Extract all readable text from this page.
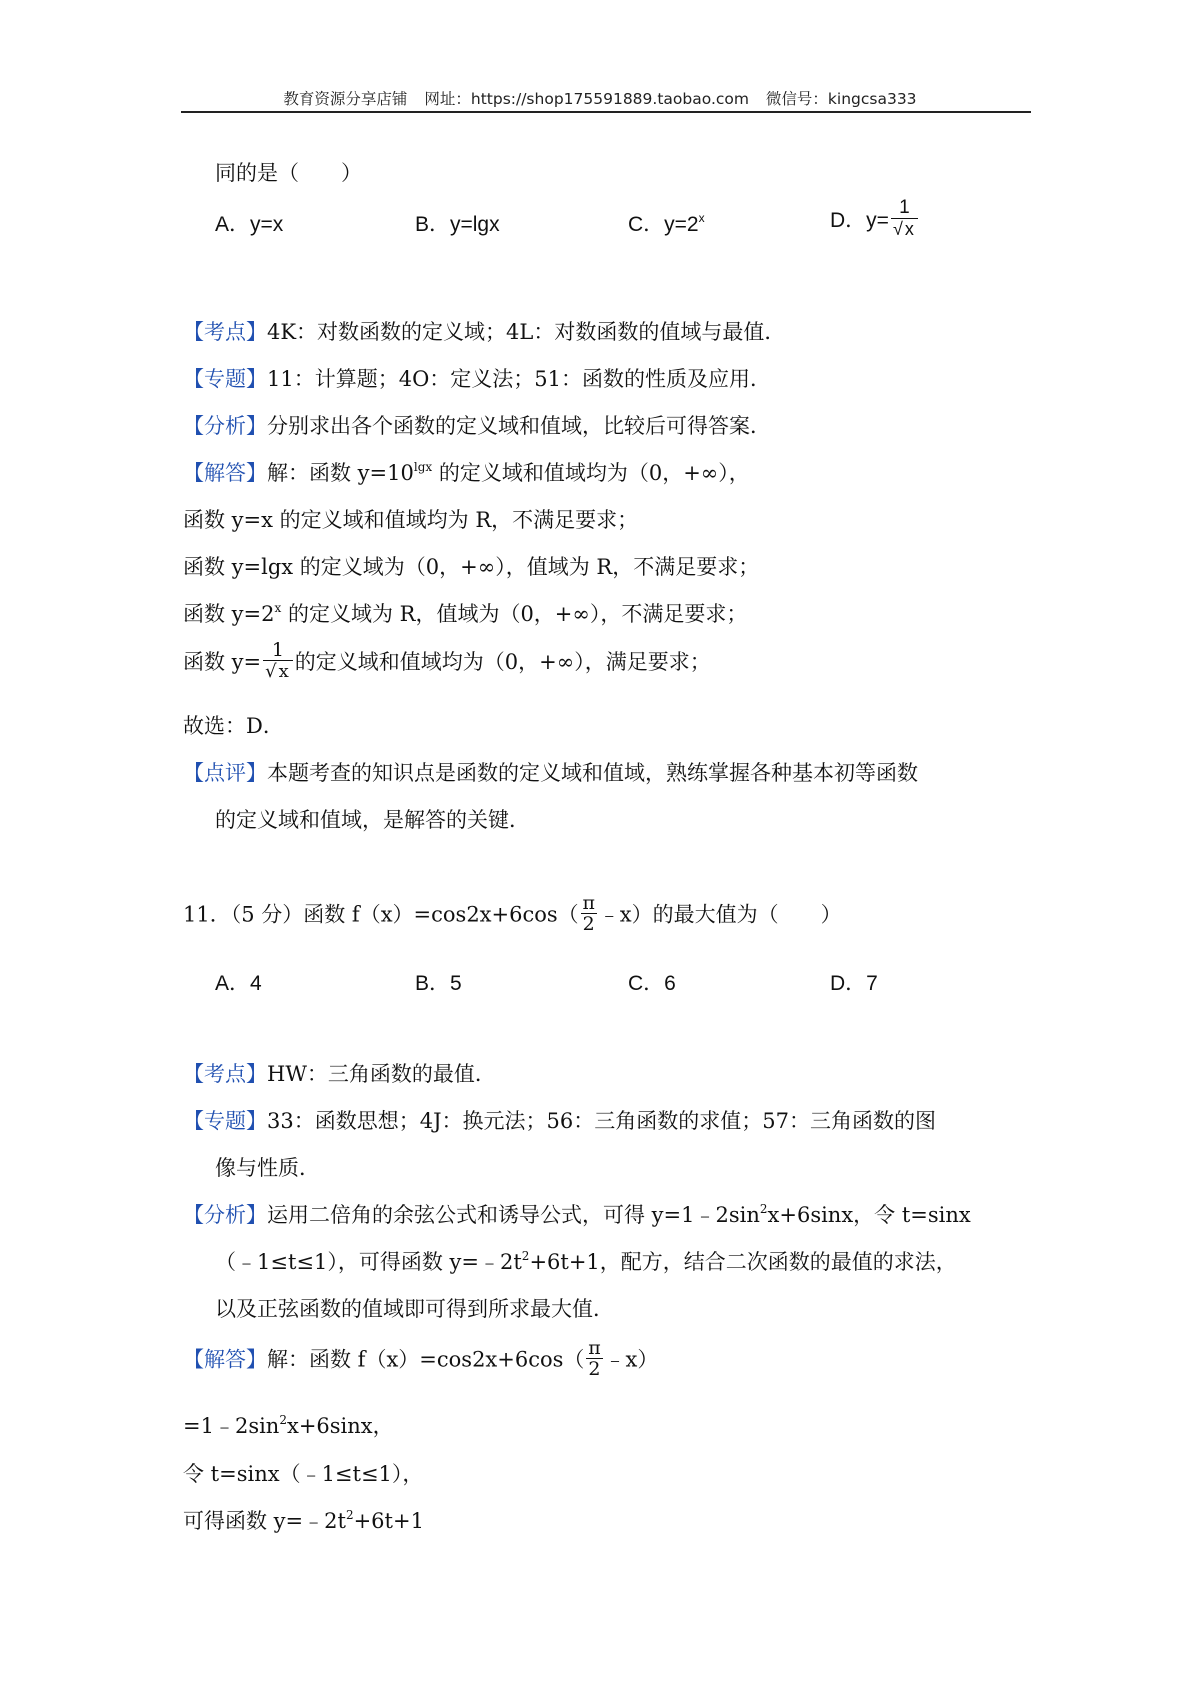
教育资源分享店铺 网址：https://shop175591889.taobao.com 微信号：kingcsa333
同的是（　　）
A．y=x	B．y=lgx	C．$y=2^x$	D．$y= \frac{1}{√ x}$
【考点】4K：对数函数的定义域；4L：对数函数的值域与最值．
【专题】11：计算题；4O：定义法；51：函数的性质及应用．
【分析】分别求出各个函数的定义域和值域，比较后可得答案．
【解答】解：函数 $y=10^{lgx}$ 的定义域和值域均为（0，+∞），
函数 y=x 的定义域和值域均为 R，不满足要求；
函数 y=lgx 的定义域为（0，+∞），值域为 R，不满足要求；
函数 $y=2^x$ 的定义域为 R，值域为（0，+∞），不满足要求；
函数 $y= \frac{1}{√ x}$ 的定义域和值域均为（0，+∞），满足要求；
故选：D．
【点评】本题考查的知识点是函数的定义域和值域，熟练掌握各种基本初等函数
的定义域和值域，是解答的关键．
11．（5 分）函数 $f(x)=\cos 2x+6\cos( \frac{\pi}{2}$ ﹣x）的最大值为（　　）
A．4	B．5	C．6	D．7
【考点】HW：三角函数的最值．
【专题】33：函数思想；4J：换元法；56：三角函数的求值；57：三角函数的图
像与性质．
【分析】运用二倍角的余弦公式和诱导公式，可得 $y=1﹣2\sin^2x+6\sin x$，令 t=sinx
（﹣1≤t≤1），可得函数 $y=﹣2t^2+6t+1$，配方，结合二次函数的最值的求法，
以及正弦函数的值域即可得到所求最大值．
【解答】解：函数 $f(x)=\cos 2x+6\cos( \frac{\pi}{2}$ ﹣x）
$=1﹣2\sin^2x+6\sin x$，
令 t=sinx（﹣1≤t≤1），
可得函数 $y=﹣2t^2+6t+1$
